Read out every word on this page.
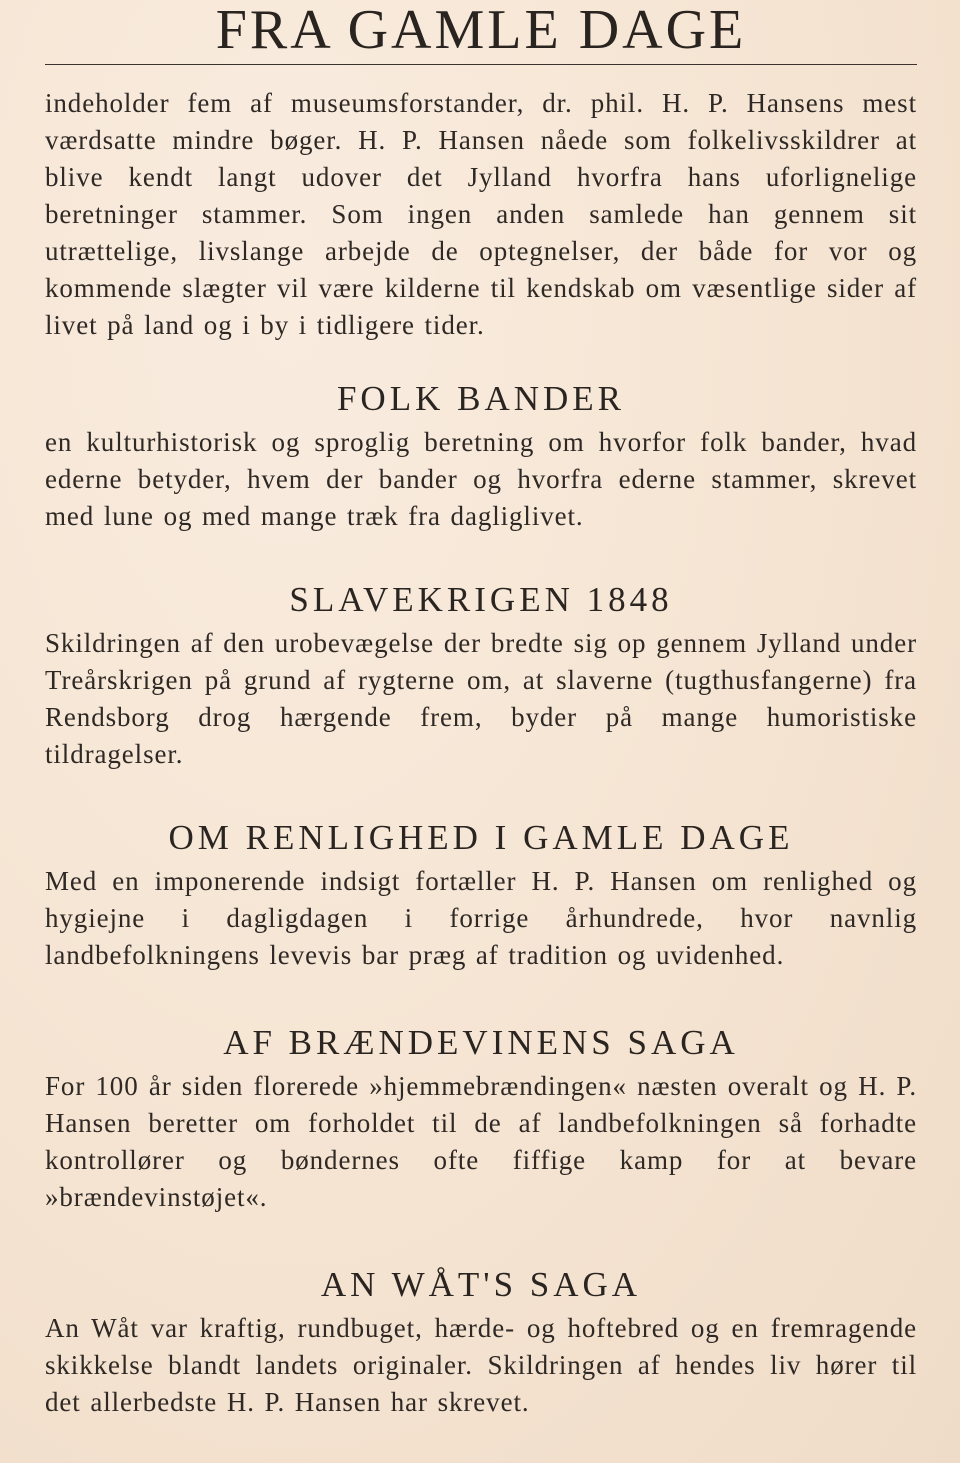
FRA GAMLE DAGE

indeholder fem af museumsforstander, dr. phil. H. P. Hansens mest værdsatte mindre bøger. H. P. Hansen nåede som folkelivsskildrer at blive kendt langt udover det Jylland hvorfra hans uforlignelige beretninger stammer. Som ingen anden samlede han gennem sit utrættelige, livslange arbejde de optegnelser, der både for vor og kommende slægter vil være kilderne til kendskab om væsentlige sider af livet på land og i by i tidligere tider.

FOLK BANDER

en kulturhistorisk og sproglig beretning om hvorfor folk bander, hvad ederne betyder, hvem der bander og hvorfra ederne stammer, skrevet med lune og med mange træk fra dagliglivet.

SLAVEKRIGEN 1848

Skildringen af den urobevægelse der bredte sig op gennem Jylland under Treårskrigen på grund af rygterne om, at slaverne (tugthusfangerne) fra Rendsborg drog hærgende frem, byder på mange humoristiske tildragelser.

OM RENLIGHED I GAMLE DAGE

Med en imponerende indsigt fortæller H. P. Hansen om renlighed og hygiejne i dagligdagen i forrige århundrede, hvor navnlig landbefolkningens levevis bar præg af tradition og uvidenhed.

AF BRÆNDEVINENS SAGA

For 100 år siden florerede »hjemmebrændingen« næsten overalt og H. P. Hansen beretter om forholdet til de af landbefolkningen så forhadte kontrollører og bøndernes ofte fiffige kamp for at bevare »brændevinstøjet«.

AN WÅT'S SAGA

An Wåt var kraftig, rundbuget, hærde- og hoftebred og en fremragende skikkelse blandt landets originaler. Skildringen af hendes liv hører til det allerbedste H. P. Hansen har skrevet.
